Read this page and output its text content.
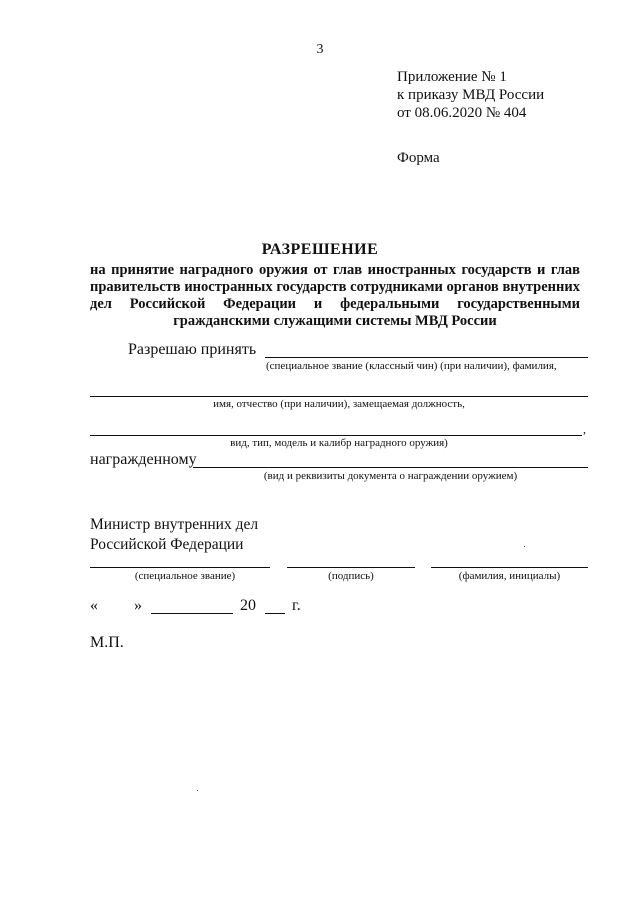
3
Приложение № 1
к приказу МВД России
от 08.06.2020 № 404
Форма
РАЗРЕШЕНИЕ
на принятие наградного оружия от глав иностранных государств и глав правительств иностранных государств сотрудниками органов внутренних дел Российской Федерации и федеральными государственными гражданскими служащими системы МВД России
Разрешаю принять
(специальное звание (классный чин) (при наличии), фамилия,
имя, отчество (при наличии), замещаемая должность,
,
вид, тип, модель и калибр наградного оружия)
награжденному
(вид и реквизиты документа о награждении оружием)
Министр внутренних дел
Российской Федерации
(специальное звание)	(подпись)	(фамилия, инициалы)
« »	20 г.
М.П.
